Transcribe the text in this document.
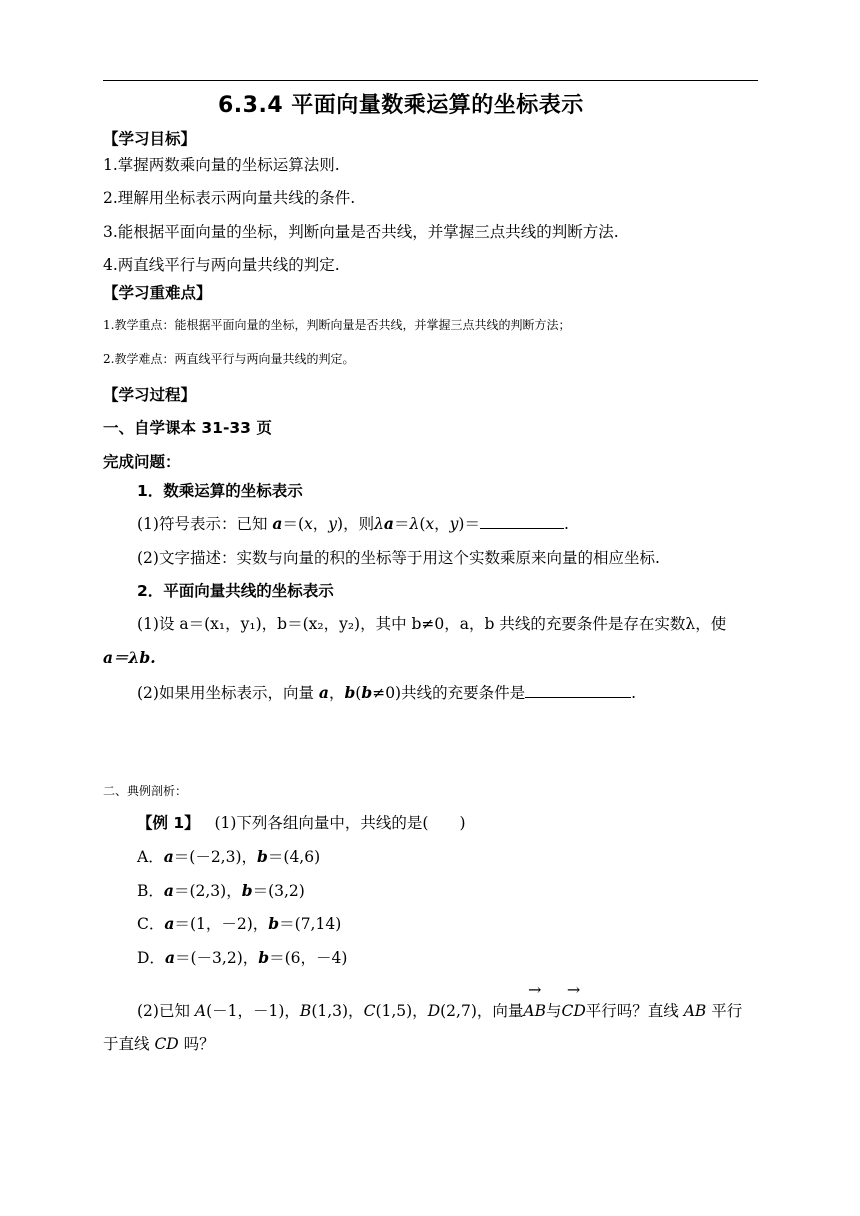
6.3.4 平面向量数乘运算的坐标表示
【学习目标】
1.掌握两数乘向量的坐标运算法则.
2.理解用坐标表示两向量共线的条件.
3.能根据平面向量的坐标，判断向量是否共线，并掌握三点共线的判断方法.
4.两直线平行与两向量共线的判定.
【学习重难点】
1.教学重点：能根据平面向量的坐标，判断向量是否共线，并掌握三点共线的判断方法；
2.教学难点：两直线平行与两向量共线的判定。
【学习过程】
一、自学课本 31-33 页
完成问题：
1．数乘运算的坐标表示
(1)符号表示：已知 a＝(x，y)，则λa＝λ(x，y)＝	.
(2)文字描述：实数与向量的积的坐标等于用这个实数乘原来向量的相应坐标.
2．平面向量共线的坐标表示
(1)设 a＝(x₁，y₁)，b＝(x₂，y₂)，其中 b≠0，a，b 共线的充要条件是存在实数λ，使
a＝λb.
(2)如果用坐标表示，向量 a，b(b≠0)共线的充要条件是	.
二、典例剖析：
【例 1】 (1)下列各组向量中，共线的是(　　)
A．a＝(－2,3)，b＝(4,6)
B．a＝(2,3)，b＝(3,2)
C．a＝(1，－2)，b＝(7,14)
D．a＝(－3,2)，b＝(6，－4)
(2)已知 A(－1，－1)，B(1,3)，C(1,5)，D(2,7)，向量
→
AB与
→
CD平行吗？直线 AB 平行
于直线 CD 吗？
